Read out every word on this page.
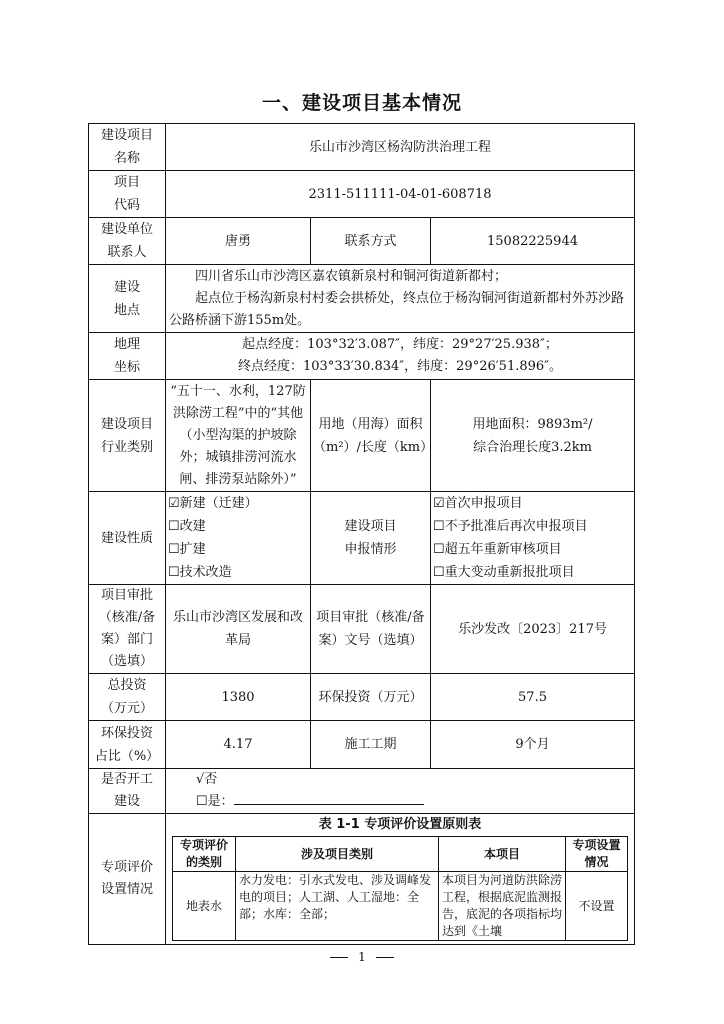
一、建设项目基本情况
建设项目
名称
	乐山市沙湾区杨沟防洪治理工程

项目
代码
	2311-511111-04-01-608718

建设单位
联系人
	唐勇	联系方式	15082225944

建设
地点

四川省乐山市沙湾区嘉农镇新泉村和铜河街道新都村；
起点位于杨沟新泉村村委会拱桥处，终点位于杨沟铜河街道新都村外苏沙路公路桥涵下游155m处。

地理
坐标

起点经度：103°32′3.087″，纬度：29°27′25.938″；
终点经度：103°33′30.834″，纬度：29°26′51.896″。

建设项目
行业类别
	“五十一、水利，127防洪除涝工程”中的“其他（小型沟渠的护坡除外；城镇排涝河流水闸、排涝泵站除外）”	用地（用海）面积（m²）/长度（km）	
用地面积：9893m²/
综合治理长度3.2km

建设性质	
☑新建（迁建）
☐改建
☐扩建
☐技术改造

建设项目
申报情形

☑首次申报项目
☐不予批准后再次申报项目
☐超五年重新审核项目
☐重大变动重新报批项目

项目审批
（核准/备
案）部门
（选填）
	乐山市沙湾区发展和改革局	项目审批（核准/备案）文号（选填）	乐沙发改〔2023〕217号

总投资
（万元）
	1380	环保投资（万元）	57.5

环保投资
占比（%）
	4.17	施工工期	9个月

是否开工
建设

√否
☐是：

专项评价
设置情况

表 1-1 专项评价设置原则表
专项评价的类别	涉及项目类别	本项目	专项设置情况
地表水	水力发电：引水式发电、涉及调峰发电的项目；人工湖、人工湿地：全部；水库：全部；	本项目为河道防洪除涝工程，根据底泥监测报告，底泥的各项指标均达到《土壤	不设置
1
